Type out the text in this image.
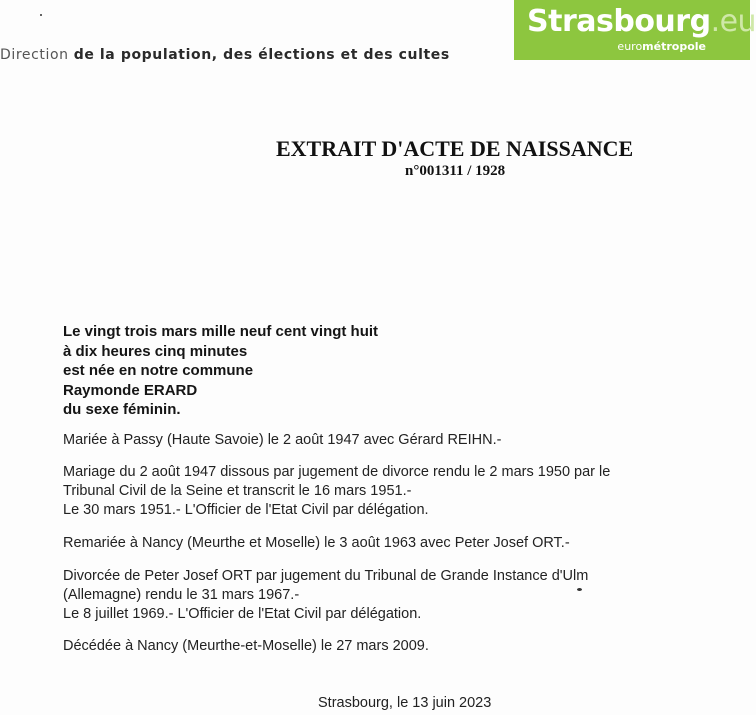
Direction de la population, des élections et des cultes
Strasbourg.eu
eurométropole
EXTRAIT D'ACTE DE NAISSANCE
n°001311 / 1928
Le vingt trois mars mille neuf cent vingt huit
à dix heures cinq minutes
est née en notre commune
Raymonde ERARD
du sexe féminin.
Mariée à Passy (Haute Savoie) le 2 août 1947 avec Gérard REIHN.-
Mariage du 2 août 1947 dissous par jugement de divorce rendu le 2 mars 1950 par le
Tribunal Civil de la Seine et transcrit le 16 mars 1951.-
Le 30 mars 1951.- L'Officier de l'Etat Civil par délégation.
Remariée à Nancy (Meurthe et Moselle) le 3 août 1963 avec Peter Josef ORT.-
Divorcée de Peter Josef ORT par jugement du Tribunal de Grande Instance d'Ulm
(Allemagne) rendu le 31 mars 1967.-
Le 8 juillet 1969.- L'Officier de l'Etat Civil par délégation.
Décédée à Nancy (Meurthe-et-Moselle) le 27 mars 2009.
Strasbourg, le 13 juin 2023
